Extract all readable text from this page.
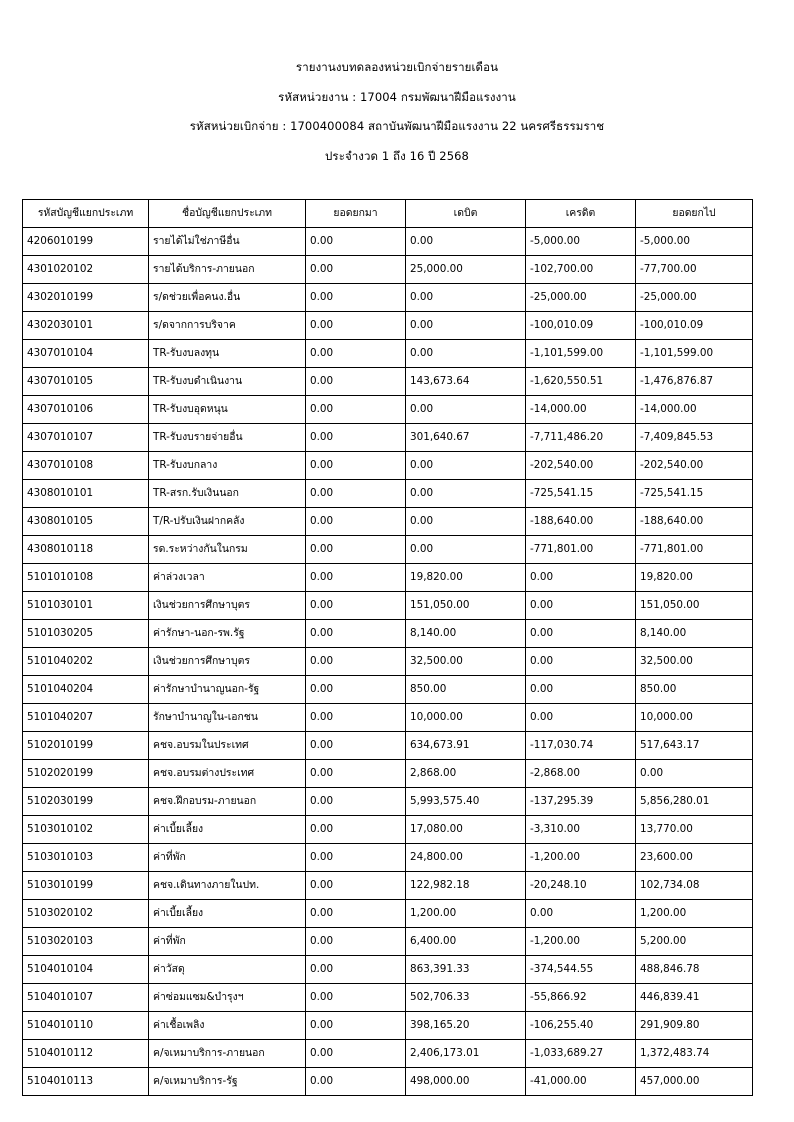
รายงานงบทดลองหน่วยเบิกจ่ายรายเดือน
รหัสหน่วยงาน : 17004 กรมพัฒนาฝีมือแรงงาน
รหัสหน่วยเบิกจ่าย : 1700400084 สถาบันพัฒนาฝีมือแรงงาน 22 นครศรีธรรมราช
ประจำงวด 1 ถึง 16 ปี 2568
รหัสบัญชีแยกประเภท	ชื่อบัญชีแยกประเภท	ยอดยกมา	เดบิต	เครดิต	ยอดยกไป
4206010199	รายได้ไม่ใช่ภาษีอื่น	0.00	0.00	-5,000.00	-5,000.00
4301020102	รายได้บริการ-ภายนอก	0.00	25,000.00	-102,700.00	-77,700.00
4302010199	ร/ดช่วยเพื่อคนง.อื่น	0.00	0.00	-25,000.00	-25,000.00
4302030101	ร/ดจากการบริจาค	0.00	0.00	-100,010.09	-100,010.09
4307010104	TR-รับงบลงทุน	0.00	0.00	-1,101,599.00	-1,101,599.00
4307010105	TR-รับงบดำเนินงาน	0.00	143,673.64	-1,620,550.51	-1,476,876.87
4307010106	TR-รับงบอุดหนุน	0.00	0.00	-14,000.00	-14,000.00
4307010107	TR-รับงบรายจ่ายอื่น	0.00	301,640.67	-7,711,486.20	-7,409,845.53
4307010108	TR-รับงบกลาง	0.00	0.00	-202,540.00	-202,540.00
4308010101	TR-สรก.รับเงินนอก	0.00	0.00	-725,541.15	-725,541.15
4308010105	T/R-ปรับเงินฝากคลัง	0.00	0.00	-188,640.00	-188,640.00
4308010118	รด.ระหว่างกันในกรม	0.00	0.00	-771,801.00	-771,801.00
5101010108	ค่าล่วงเวลา	0.00	19,820.00	0.00	19,820.00
5101030101	เงินช่วยการศึกษาบุตร	0.00	151,050.00	0.00	151,050.00
5101030205	ค่ารักษา-นอก-รพ.รัฐ	0.00	8,140.00	0.00	8,140.00
5101040202	เงินช่วยการศึกษาบุตร	0.00	32,500.00	0.00	32,500.00
5101040204	ค่ารักษาบำนาญนอก-รัฐ	0.00	850.00	0.00	850.00
5101040207	รักษาบำนาญใน-เอกชน	0.00	10,000.00	0.00	10,000.00
5102010199	คชจ.อบรมในประเทศ	0.00	634,673.91	-117,030.74	517,643.17
5102020199	คชจ.อบรมต่างประเทศ	0.00	2,868.00	-2,868.00	0.00
5102030199	คชจ.ฝึกอบรม-ภายนอก	0.00	5,993,575.40	-137,295.39	5,856,280.01
5103010102	ค่าเบี้ยเลี้ยง	0.00	17,080.00	-3,310.00	13,770.00
5103010103	ค่าที่พัก	0.00	24,800.00	-1,200.00	23,600.00
5103010199	คชจ.เดินทางภายในปท.	0.00	122,982.18	-20,248.10	102,734.08
5103020102	ค่าเบี้ยเลี้ยง	0.00	1,200.00	0.00	1,200.00
5103020103	ค่าที่พัก	0.00	6,400.00	-1,200.00	5,200.00
5104010104	ค่าวัสดุ	0.00	863,391.33	-374,544.55	488,846.78
5104010107	ค่าซ่อมแซม&บำรุงฯ	0.00	502,706.33	-55,866.92	446,839.41
5104010110	ค่าเชื้อเพลิง	0.00	398,165.20	-106,255.40	291,909.80
5104010112	ค/จเหมาบริการ-ภายนอก	0.00	2,406,173.01	-1,033,689.27	1,372,483.74
5104010113	ค/จเหมาบริการ-รัฐ	0.00	498,000.00	-41,000.00	457,000.00
